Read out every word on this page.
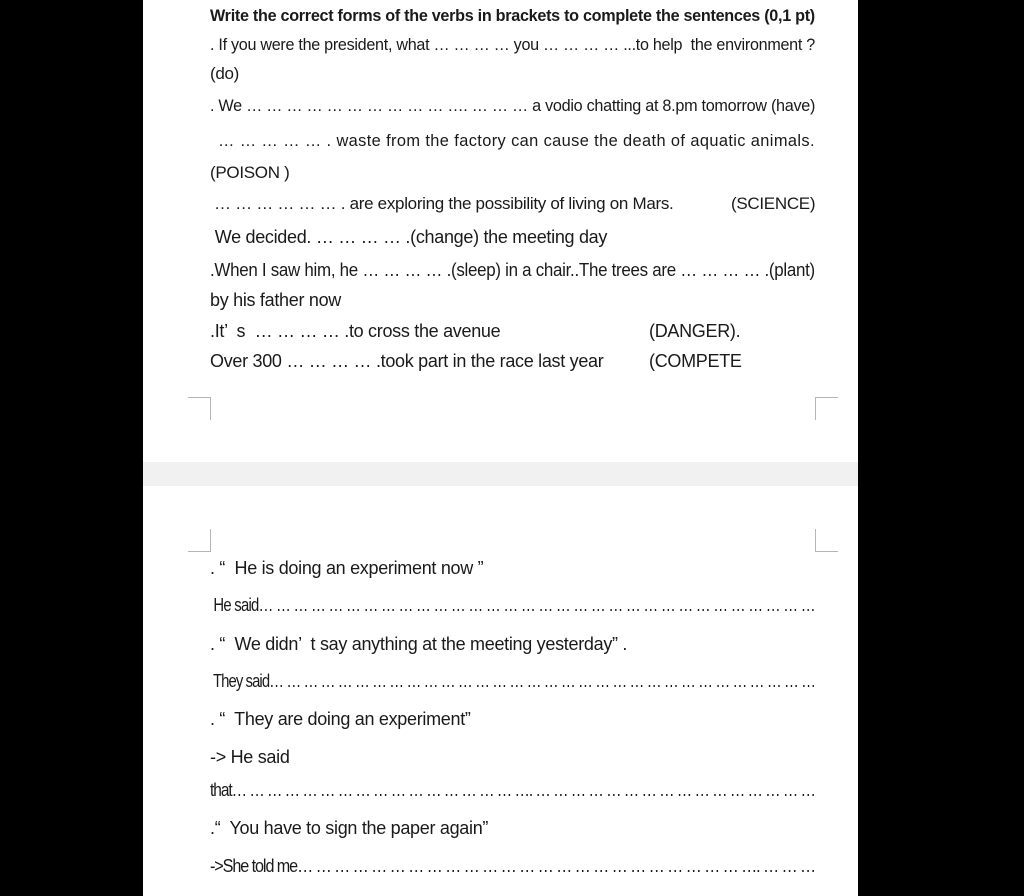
Write the correct forms of the verbs in brackets to complete the sentences (0,1 pt)
. If you were the president, what … … … … you … … … … ...to help  the environment ?
(do)
. We … … … … … … … … … … …. … … … a vodio chatting at 8.pm tomorrow (have)
… … … … … . waste from the factory can cause the death of aquatic animals.
(POISON )
… … … … … … . are exploring the possibility of living on Mars.	(SCIENCE)
We decided. … … … … .(change) the meeting day
.When I saw him, he … … … … .(sleep) in a chair..The trees are … … … … .(plant)
by his father now
.It’  s  … … … … .to cross the avenue	(DANGER).
Over 300 … … … … .took part in the race last year	(COMPETE
. “  He is doing an experiment now ”
He said… … … … … … … … … … … … … … … … … … … … … … … … … … … … … … … …
. “  We didn’  t say anything at the meeting yesterday” .
They said… … … … … … … … … … … … … … … … … … … … … … … … … … … … … … … …
. “  They are doing an experiment”
-> He said
that… … … … … … … … … … … … … … … … …. … … … … … … … … … … … … … … … …
.“  You have to sign the paper again”
->She told me… … … … … … … … … … … … … … … … … … … … … … … … …. … … …
